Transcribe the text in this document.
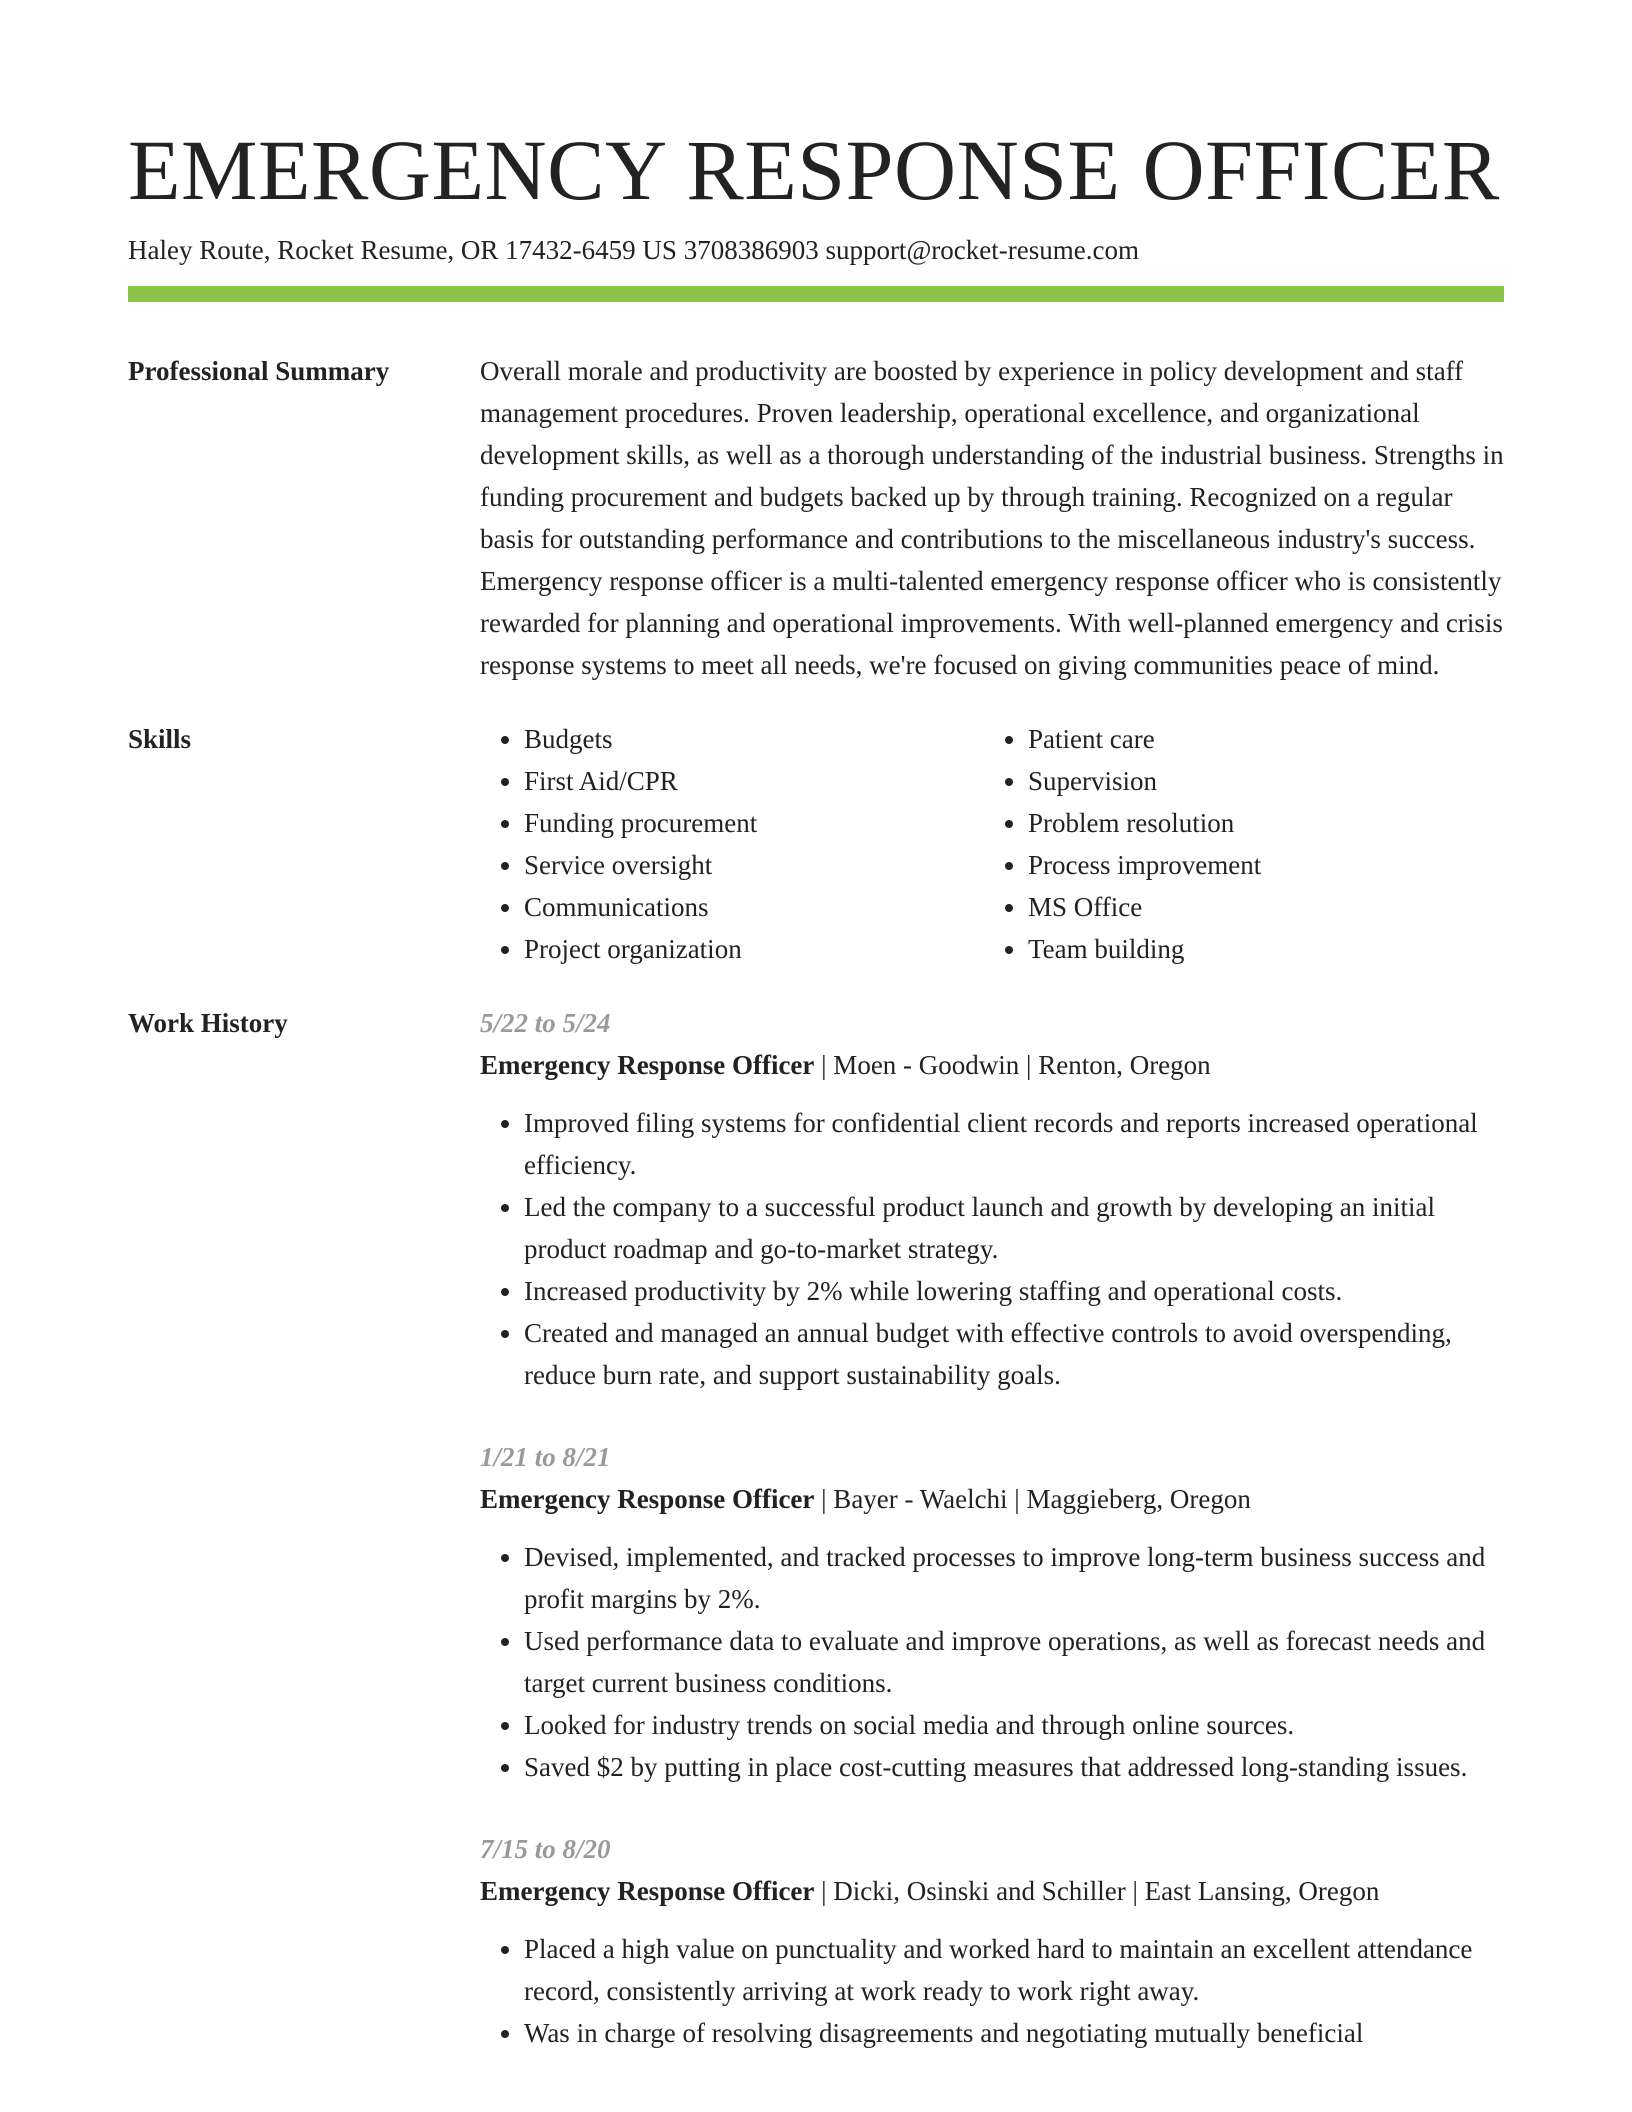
EMERGENCY RESPONSE OFFICER
Haley Route, Rocket Resume, OR 17432-6459 US 3708386903 support@rocket-resume.com
Professional Summary	Overall morale and productivity are boosted by experience in policy development and staff management procedures. Proven leadership, operational excellence, and organizational development skills, as well as a thorough understanding of the industrial business. Strengths in funding procurement and budgets backed up by through training. Recognized on a regular basis for outstanding performance and contributions to the miscellaneous industry's success. Emergency response officer is a multi-talented emergency response officer who is consistently rewarded for planning and operational improvements. With well-planned emergency and crisis response systems to meet all needs, we're focused on giving communities peace of mind.
Skills
•	Budgets
• First Aid/CPR
• Funding procurement
• Service oversight
• Communications
• Project organization
• Patient care
• Supervision
• Problem resolution
• Process improvement
• MS Office
• Team building
Work History	5/22 to 5/24
Emergency Response Officer | Moen - Goodwin | Renton, Oregon
• Improved filing systems for confidential client records and reports increased operational efficiency.
• Led the company to a successful product launch and growth by developing an initial product roadmap and go-to-market strategy.
• Increased productivity by 2% while lowering staffing and operational costs.
• Created and managed an annual budget with effective controls to avoid overspending, reduce burn rate, and support sustainability goals.
1/21 to 8/21
Emergency Response Officer | Bayer - Waelchi | Maggieberg, Oregon
• Devised, implemented, and tracked processes to improve long-term business success and profit margins by 2%.
• Used performance data to evaluate and improve operations, as well as forecast needs and target current business conditions.
• Looked for industry trends on social media and through online sources.
• Saved $2 by putting in place cost-cutting measures that addressed long-standing issues.
7/15 to 8/20
Emergency Response Officer | Dicki, Osinski and Schiller | East Lansing, Oregon
• Placed a high value on punctuality and worked hard to maintain an excellent attendance record, consistently arriving at work ready to work right away.
• Was in charge of resolving disagreements and negotiating mutually beneficial
